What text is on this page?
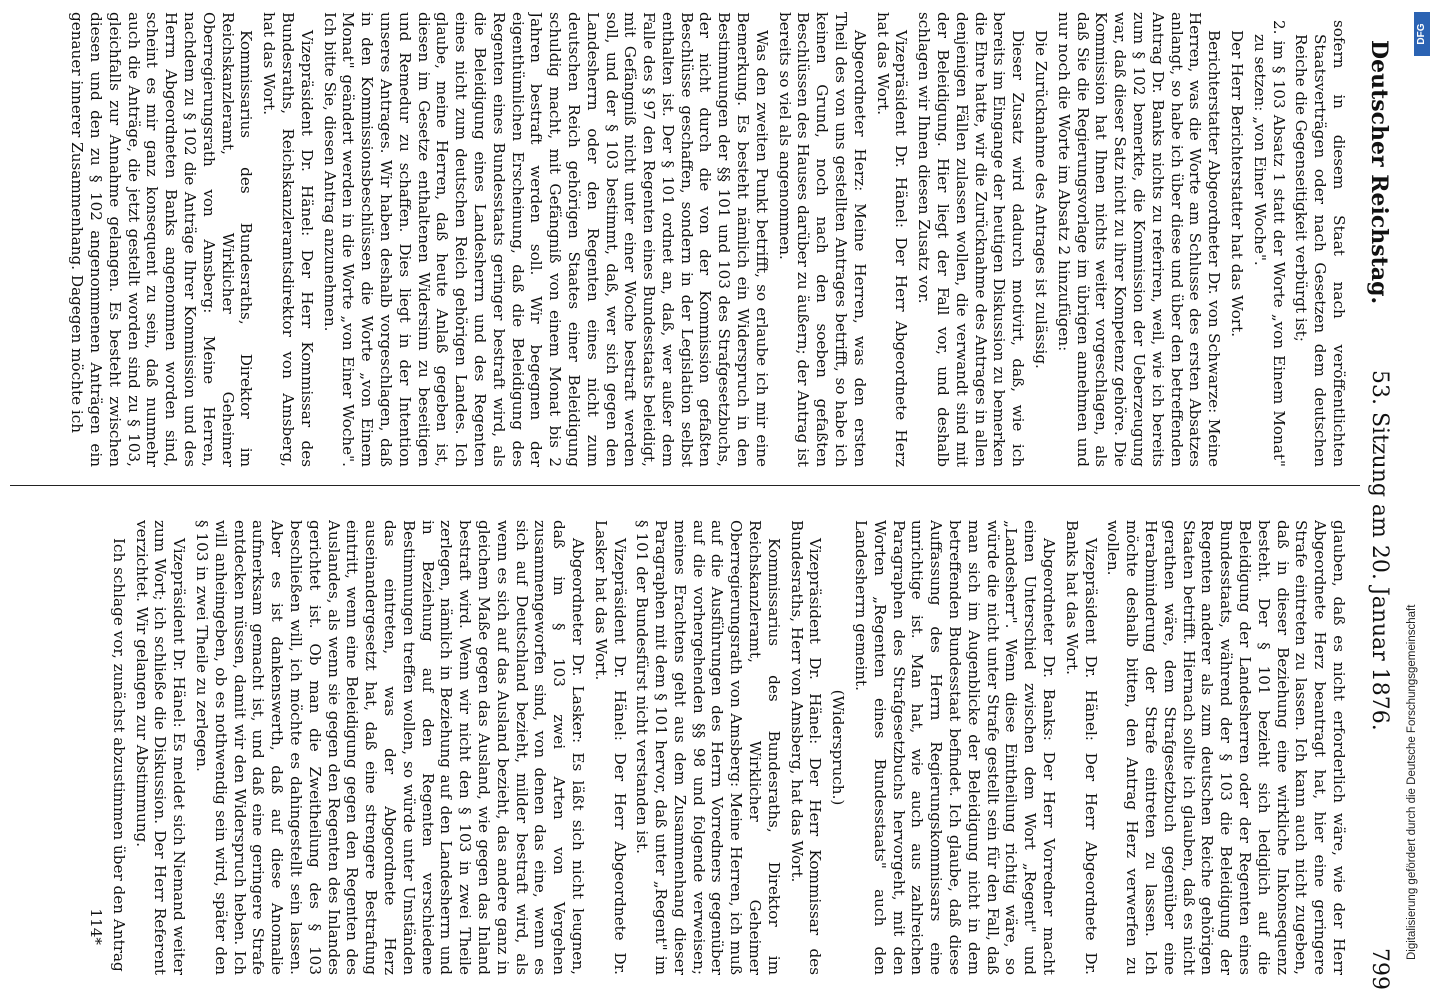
Deutscher Reichstag.
53. Sitzung am 20. Januar 1876.
799

sofern in diesem Staat nach veröffentlichten Staatsverträgen oder nach Gesetzen dem deutschen Reiche die Gegenseitigkeit verbürgt ist;

2. im § 103 Absatz 1 statt der Worte „von Einem Monat" zu setzen: „von Einer Woche".

Der Herr Berichterstatter hat das Wort.

Berichterstatter Abgeordneter Dr. von Schwarze: Meine Herren, was die Worte am Schlusse des ersten Absatzes anlangt, so habe ich über diese und über den betreffenden Antrag Dr. Banks nichts zu referiren, weil, wie ich bereits zum § 102 bemerkte, die Kommission der Ueberzeugung war, daß dieser Satz nicht zu ihrer Kompetenz gehöre. Die Kommission hat Ihnen nichts weiter vorgeschlagen, als daß Sie die Regierungsvorlage im übrigen annehmen und nur noch die Worte im Absatz 2 hinzufügen:

Die Zurücknahme des Antrages ist zulässig.

Dieser Zusatz wird dadurch motivirt, daß, wie ich bereits im Eingange der heutigen Diskussion zu bemerken die Ehre hatte, wir die Zurücknahme des Antrages in allen denjenigen Fällen zulassen wollen, die verwandt sind mit der Beleidigung. Hier liegt der Fall vor, und deshalb schlagen wir Ihnen diesen Zusatz vor.

Vizepräsident Dr. Hänel: Der Herr Abgeordnete Herz hat das Wort.

Abgeordneter Herz: Meine Herren, was den ersten Theil des von uns gestellten Antrages betrifft, so habe ich keinen Grund, noch nach den soeben gefaßten Beschlüssen des Hauses darüber zu äußern; der Antrag ist bereits so viel als angenommen.

Was den zweiten Punkt betrifft, so erlaube ich mir eine Bemerkung. Es besteht nämlich ein Widerspruch in den Bestimmungen der §§ 101 und 103 des Strafgesetzbuchs, der nicht durch die von der Kommission gefaßten Beschlüsse geschaffen, sondern in der Legislation selbst enthalten ist. Der § 101 ordnet an, daß, wer außer dem Falle des § 97 den Regenten eines Bundesstaats beleidigt, mit Gefängniß nicht unter einer Woche bestraft werden soll, und der § 103 bestimmt, daß, wer sich gegen den Landesherrn oder den Regenten eines nicht zum deutschen Reich gehörigen Staates einer Beleidigung schuldig macht, mit Gefängniß von einem Monat bis 2 Jahren bestraft werden soll. Wir begegnen der eigenthümlichen Erscheinung, daß die Beleidigung des Regenten eines Bundesstaats geringer bestraft wird, als die Beleidigung eines Landesherrn und des Regenten eines nicht zum deutschen Reich gehörigen Landes. Ich glaube, meine Herren, daß heute Anlaß gegeben ist, diesen im Gesetze enthaltenen Widersinn zu beseitigen und Remedur zu schaffen. Dies liegt in der Intention unseres Antrages. Wir haben deshalb vorgeschlagen, daß in den Kommissionsbeschlüssen die Worte „von Einem Monat" geändert werden in die Worte „von Einer Woche". Ich bitte Sie, diesen Antrag anzunehmen.

Vizepräsident Dr. Hänel: Der Herr Kommissar des Bundesraths, Reichskanzleramtsdirektor von Amsberg, hat das Wort.

Kommissarius des Bundesraths, Direktor im Reichskanzleramt, Wirklicher Geheimer Oberregierungsrath von Amsberg: Meine Herren, nachdem zu § 102 die Anträge Ihrer Kommission und des Herrn Abgeordneten Banks angenommen worden sind, scheint es mir ganz konsequent zu sein, daß nunmehr auch die Anträge, die jetzt gestellt worden sind zu § 103, gleichfalls zur Annahme gelangen. Es besteht zwischen diesen und den zu § 102 angenommenen Anträgen ein genauer innerer Zusammenhang. Dagegen möchte ich

glauben, daß es nicht erforderlich wäre, wie der Herr Abgeordnete Herz beantragt hat, hier eine geringere Strafe eintreten zu lassen. Ich kann auch nicht zugeben, daß in dieser Beziehung eine wirkliche Inkonsequenz besteht. Der § 101 bezieht sich lediglich auf die Beleidigung der Landesherren oder der Regenten eines Bundesstaats, während der § 103 die Beleidigung der Regenten anderer als zum deutschen Reiche gehörigen Staaten betrifft. Hiernach sollte ich glauben, daß es nicht gerathen wäre, dem Strafgesetzbuch gegenüber eine Herabminderung der Strafe eintreten zu lassen. Ich möchte deshalb bitten, den Antrag Herz verwerfen zu wollen.

Vizepräsident Dr. Hänel: Der Herr Abgeordnete Dr. Banks hat das Wort.

Abgeordneter Dr. Banks: Der Herr Vorredner macht einen Unterschied zwischen dem Wort „Regent" und „Landesherr". Wenn diese Eintheilung richtig wäre, so würde die nicht unter Strafe gestellt sein für den Fall, daß man sich im Augenblicke der Beleidigung nicht in dem betreffenden Bundesstaat befindet. Ich glaube, daß diese Auffassung des Herrn Regierungskommissars eine unrichtige ist. Man hat, wie auch aus zahlreichen Paragraphen des Strafgesetzbuchs hervorgeht, mit den Worten „Regenten eines Bundesstaats" auch den Landesherrn gemeint.

(Widerspruch.)

Vizepräsident Dr. Hänel: Der Herr Kommissar des Bundesraths, Herr von Amsberg, hat das Wort.

Kommissarius des Bundesraths, Direktor im Reichskanzleramt, Wirklicher Geheimer Oberregierungsrath von Amsberg: Meine Herren, ich muß auf die Ausführungen des Herrn Vorredners gegenüber auf die vorhergehenden §§ 98 und folgende verweisen; meines Erachtens geht aus dem Zusammenhang dieser Paragraphen mit dem § 101 hervor, daß unter „Regent" im § 101 der Bundesfürst nicht verstanden ist.

Vizepräsident Dr. Hänel: Der Herr Abgeordnete Dr. Lasker hat das Wort.

Abgeordneter Dr. Lasker: Es läßt sich nicht leugnen, daß im § 103 zwei Arten von Vergehen zusammengeworfen sind, von denen das eine, wenn es sich auf Deutschland bezieht, milder bestraft wird, als wenn es sich auf das Ausland bezieht, das andere ganz in gleichem Maße gegen das Ausland, wie gegen das Inland bestraft wird. Wenn wir nicht den § 103 in zwei Theile zerlegen, nämlich in Beziehung auf den Landesherrn und in Beziehung auf den Regenten verschiedene Bestimmungen treffen wollen, so würde unter Umständen das eintreten, was der Abgeordnete Herz auseinandergesetzt hat, daß eine strengere Bestrafung eintritt, wenn eine Beleidigung gegen den Regenten des Auslandes, als wenn sie gegen den Regenten des Inlandes gerichtet ist. Ob man die Zweitheilung des § 103 beschließen will, ich möchte es dahingestellt sein lassen. Aber es ist dankenswerth, daß auf diese Anomalie aufmerksam gemacht ist, und daß eine geringere Strafe entdecken müssen, damit wir den Widerspruch heben. Ich will anheimgeben, ob es nothwendig sein wird, später den § 103 in zwei Theile zu zerlegen.

Vizepräsident Dr. Hänel: Es meldet sich Niemand weiter zum Wort; ich schließe die Diskussion. Der Herr Referent verzichtet. Wir gelangen zur Abstimmung.

Ich schlage vor, zunächst abzustimmen über den Antrag

114*	Digitalisierung gefördert durch die Deutsche Forschungsgemeinschaft
DFG
